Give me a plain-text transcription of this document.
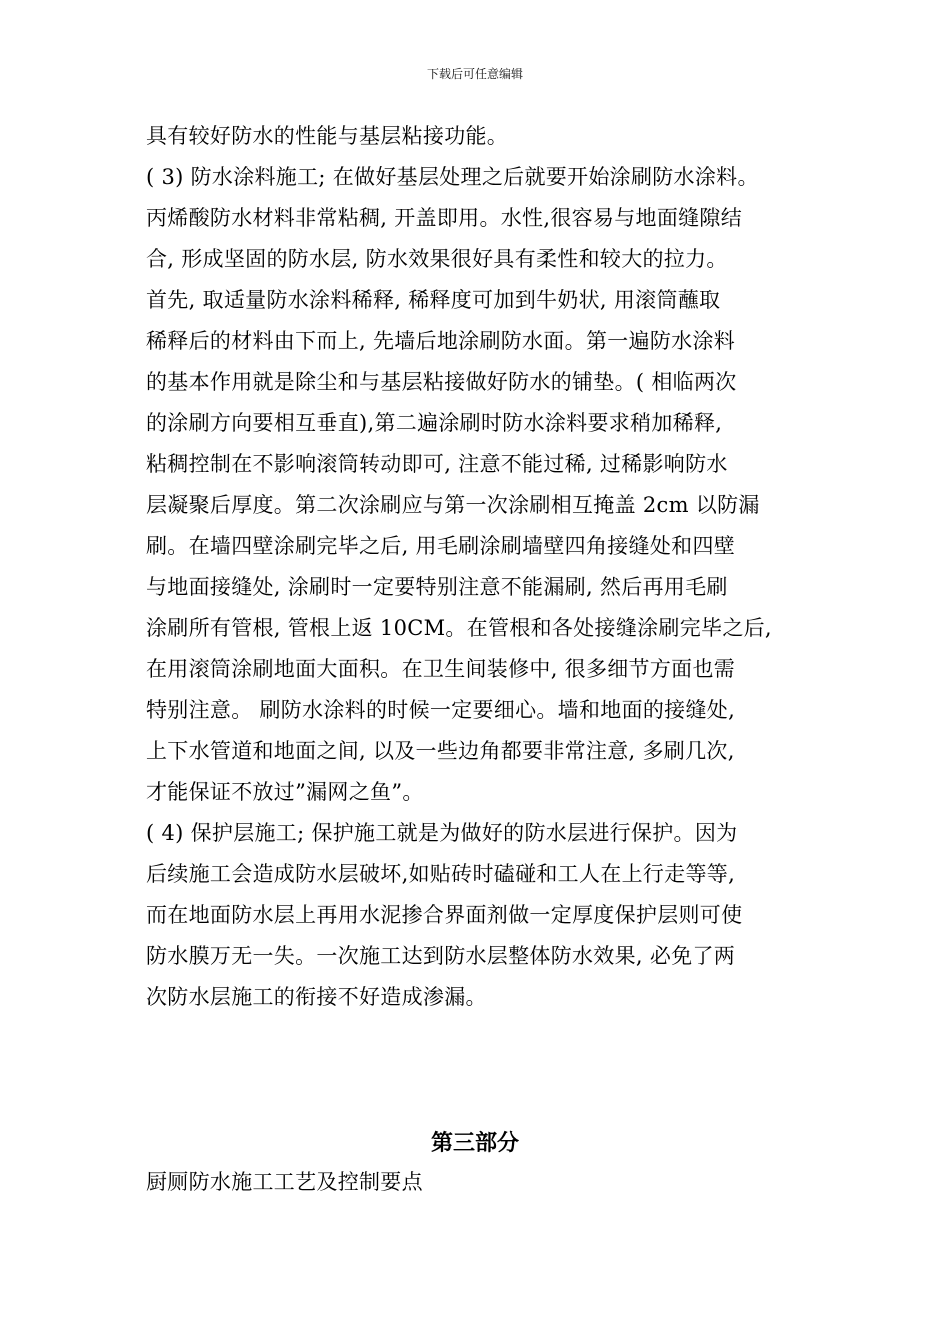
下载后可任意编辑
具有较好防水的性能与基层粘接功能。
( 3) 防水涂料施工; 在做好基层处理之后就要开始涂刷防水涂料。
丙烯酸防水材料非常粘稠, 开盖即用。水性,很容易与地面缝隙结
合, 形成坚固的防水层, 防水效果很好具有柔性和较大的拉力。
首先, 取适量防水涂料稀释, 稀释度可加到牛奶状, 用滚筒蘸取
稀释后的材料由下而上, 先墙后地涂刷防水面。第一遍防水涂料
的基本作用就是除尘和与基层粘接做好防水的铺垫。( 相临两次
的涂刷方向要相互垂直),第二遍涂刷时防水涂料要求稍加稀释,
粘稠控制在不影响滚筒转动即可, 注意不能过稀, 过稀影响防水
层凝聚后厚度。第二次涂刷应与第一次涂刷相互掩盖 2cm 以防漏
刷。在墙四壁涂刷完毕之后, 用毛刷涂刷墙壁四角接缝处和四壁
与地面接缝处, 涂刷时一定要特别注意不能漏刷, 然后再用毛刷
涂刷所有管根, 管根上返 10CM。在管根和各处接缝涂刷完毕之后,
在用滚筒涂刷地面大面积。在卫生间装修中, 很多细节方面也需
特别注意。 刷防水涂料的时候一定要细心。墙和地面的接缝处,
上下水管道和地面之间, 以及一些边角都要非常注意, 多刷几次,
才能保证不放过”漏网之鱼”。
( 4) 保护层施工; 保护施工就是为做好的防水层进行保护。因为
后续施工会造成防水层破坏,如贴砖时磕碰和工人在上行走等等,
而在地面防水层上再用水泥掺合界面剂做一定厚度保护层则可使
防水膜万无一失。一次施工达到防水层整体防水效果, 必免了两
次防水层施工的衔接不好造成渗漏。
第三部分
厨厕防水施工工艺及控制要点
